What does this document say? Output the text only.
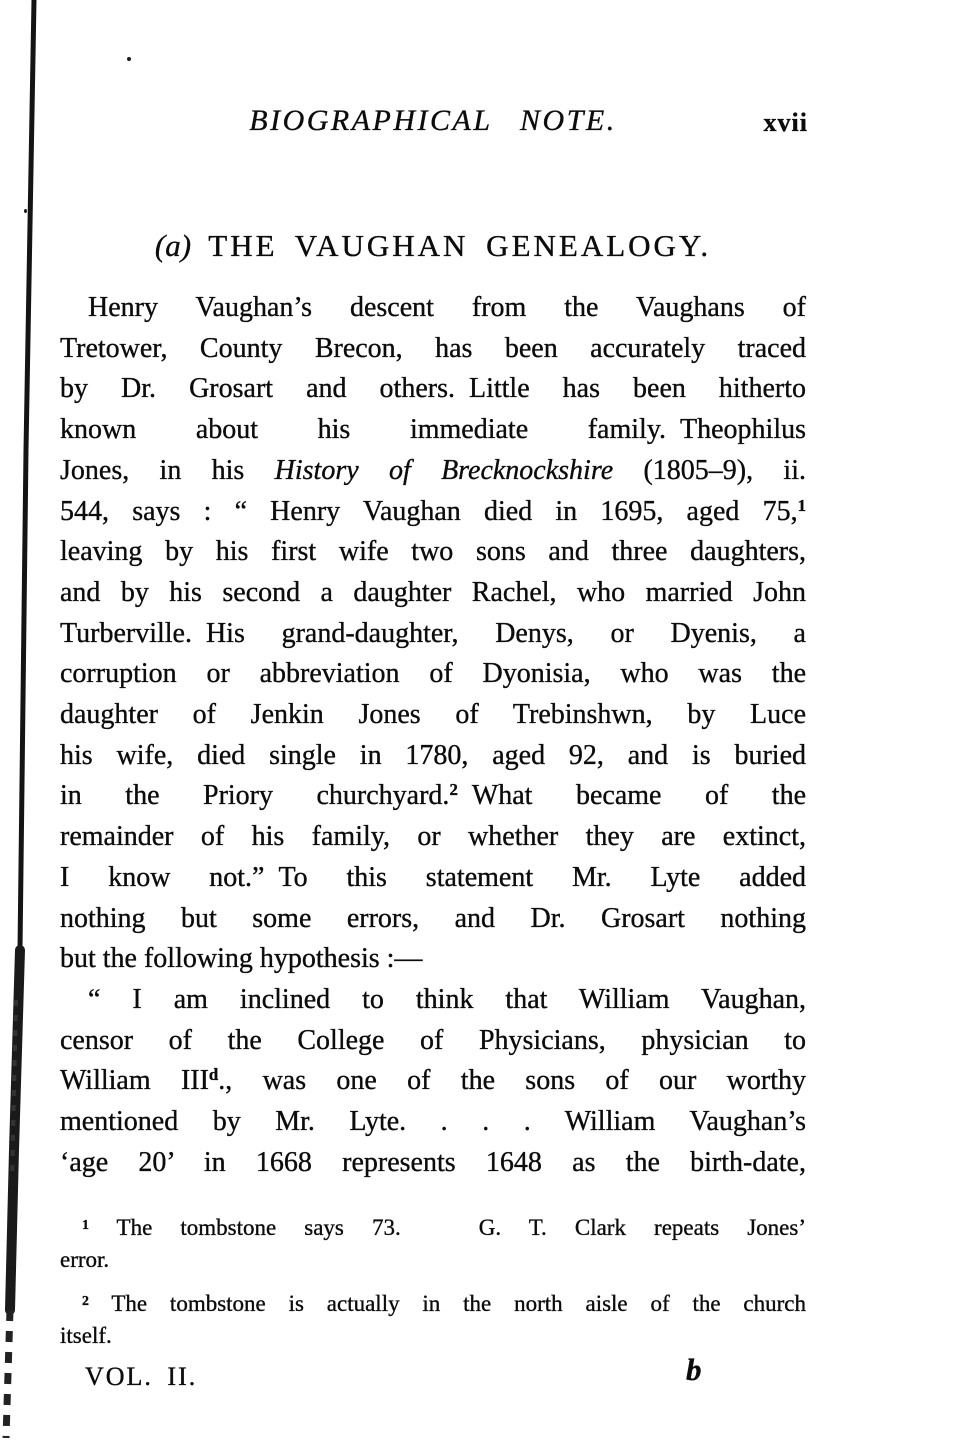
BIOGRAPHICAL NOTE.	xvii
(a) THE VAUGHAN GENEALOGY.
Henry Vaughan’s descent from the Vaughans of
Tretower, County Brecon, has been accurately traced
by Dr. Grosart and others. Little has been hitherto
known about his immediate family. Theophilus
Jones, in his History of Brecknockshire (1805–9), ii.
544, says : “ Henry Vaughan died in 1695, aged 75,$^1$
leaving by his first wife two sons and three daughters,
and by his second a daughter Rachel, who married John
Turberville. His grand-daughter, Denys, or Dyenis, a
corruption or abbreviation of Dyonisia, who was the
daughter of Jenkin Jones of Trebinshwn, by Luce
his wife, died single in 1780, aged 92, and is buried
in the Priory churchyard.$^2$ What became of the
remainder of his family, or whether they are extinct,
I know not.” To this statement Mr. Lyte added
nothing but some errors, and Dr. Grosart nothing
but the following hypothesis :—
“ I am inclined to think that William Vaughan,
censor of the College of Physicians, physician to
William III$^d$., was one of the sons of our worthy
mentioned by Mr. Lyte. . . . William Vaughan’s
‘age 20’ in 1668 represents 1648 as the birth-date,
$^1$ The tombstone says 73.	G. T. Clark repeats Jones’
error.
$^2$ The tombstone is actually in the north aisle of the church
itself.
VOL. II.	b
